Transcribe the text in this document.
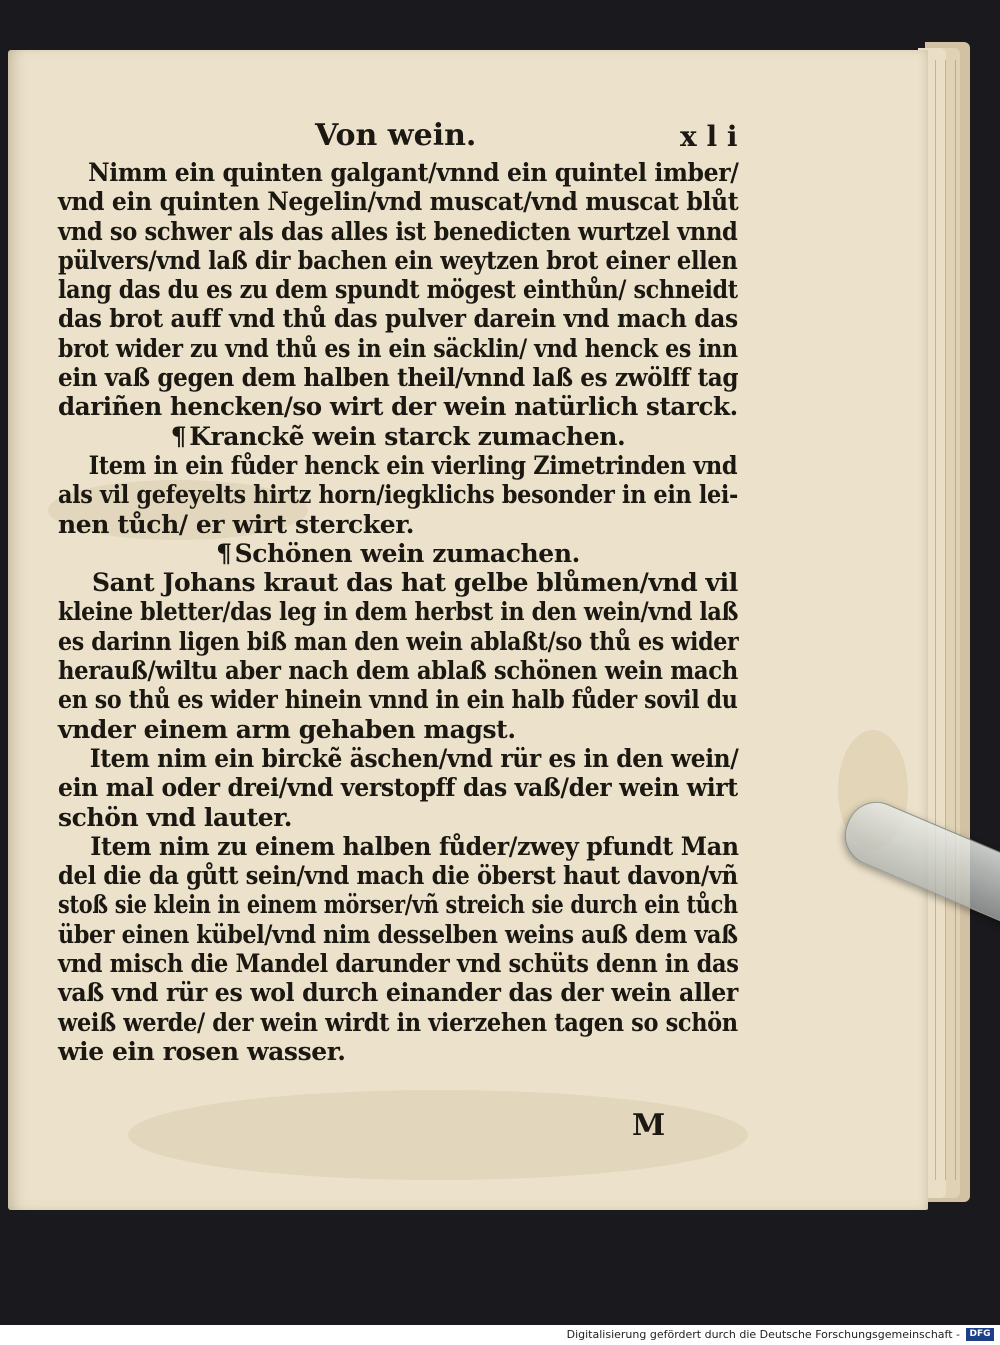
Von wein.	x l i
Nimm ein quinten galgant/vnnd ein quintel imber/
vnd ein quinten Negelin/vnd muscat/vnd muscat blůt
vnd so schwer als das alles ist benedicten wurtzel vnnd
pülvers/vnd laß dir bachen ein weytzen brot einer ellen
lang das du es zu dem spundt mögest einthůn/ schneidt
das brot auff vnd thů das pulver darein vnd mach das
brot wider zu vnd thů es in ein säcklin/ vnd henck es inn
ein vaß gegen dem halben theil/vnnd laß es zwölff tag
dariñen hencken/so wirt der wein natürlich starck.
¶ Kranckẽ wein starck zumachen.
Item in ein fůder henck ein vierling Zimetrinden vnd
als vil gefeyelts hirtz horn/iegklichs besonder in ein lei-
nen tůch/ er wirt stercker.
¶ Schönen wein zumachen.
Sant Johans kraut das hat gelbe blůmen/vnd vil
kleine bletter/das leg in dem herbst in den wein/vnd laß
es darinn ligen biß man den wein ablaßt/so thů es wider
herauß/wiltu aber nach dem ablaß schönen wein mach
en so thů es wider hinein vnnd in ein halb fůder sovil du
vnder einem arm gehaben magst.
Item nim ein birckẽ äschen/vnd rür es in den wein/
ein mal oder drei/vnd verstopff das vaß/der wein wirt
schön vnd lauter.
Item nim zu einem halben fůder/zwey pfundt Man
del die da gůtt sein/vnd mach die öberst haut davon/vñ
stoß sie klein in einem mörser/vñ streich sie durch ein tůch
über einen kübel/vnd nim desselben weins auß dem vaß
vnd misch die Mandel darunder vnd schüts denn in das
vaß vnd rür es wol durch einander das der wein aller
weiß werde/ der wein wirdt in vierzehen tagen so schön
wie ein rosen wasser.
M
Digitalisierung gefördert durch die Deutsche Forschungsgemeinschaft -	DFG
